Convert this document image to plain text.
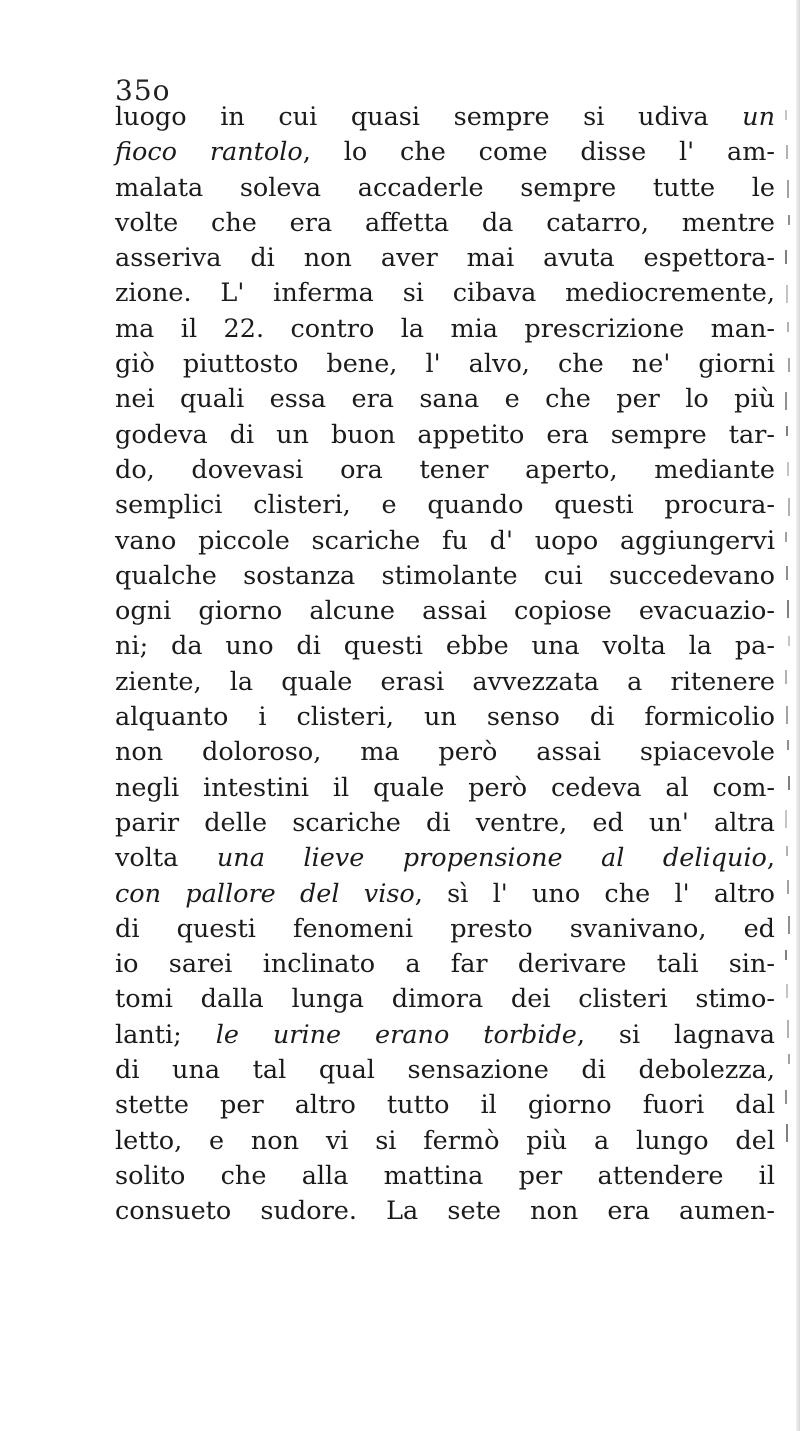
35o
luogo in cui quasi sempre si udiva un
fioco rantolo, lo che come disse l' am-
malata soleva accaderle sempre tutte le
volte che era affetta da catarro, mentre
asseriva di non aver mai avuta espettora-
zione. L' inferma si cibava mediocremente,
ma il 22. contro la mia prescrizione man-
giò piuttosto bene, l' alvo, che ne' giorni
nei quali essa era sana e che per lo più
godeva di un buon appetito era sempre tar-
do, dovevasi ora tener aperto, mediante
semplici clisteri, e quando questi procura-
vano piccole scariche fu d' uopo aggiungervi
qualche sostanza stimolante cui succedevano
ogni giorno alcune assai copiose evacuazio-
ni; da uno di questi ebbe una volta la pa-
ziente, la quale erasi avvezzata a ritenere
alquanto i clisteri, un senso di formicolio
non doloroso, ma però assai spiacevole
negli intestini il quale però cedeva al com-
parir delle scariche di ventre, ed un' altra
volta una lieve propensione al deliquio,
con pallore del viso, sì l' uno che l' altro
di questi fenomeni presto svanivano, ed
io sarei inclinato a far derivare tali sin-
tomi dalla lunga dimora dei clisteri stimo-
lanti; le urine erano torbide, si lagnava
di una tal qual sensazione di debolezza,
stette per altro tutto il giorno fuori dal
letto, e non vi si fermò più a lungo del
solito che alla mattina per attendere il
consueto sudore. La sete non era aumen-
